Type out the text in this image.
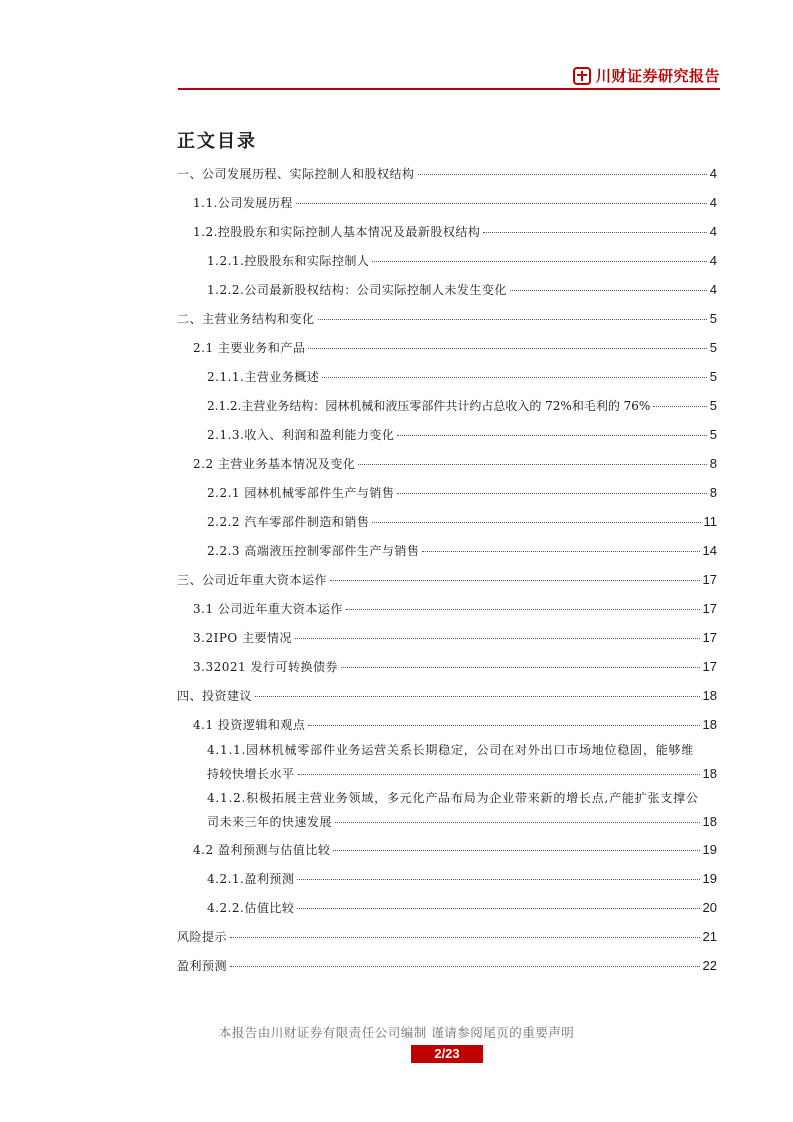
川财证券研究报告
正文目录
一、公司发展历程、实际控制人和股权结构	4
1.1.公司发展历程	4
1.2.控股股东和实际控制人基本情况及最新股权结构	4
1.2.1.控股股东和实际控制人	4
1.2.2.公司最新股权结构：公司实际控制人未发生变化	4
二、主营业务结构和变化	5
2.1 主要业务和产品	5
2.1.1.主营业务概述	5
2.1.2.主营业务结构：园林机械和液压零部件共计约占总收入的 72%和毛利的 76%	5
2.1.3.收入、利润和盈利能力变化	5
2.2 主营业务基本情况及变化	8
2.2.1 园林机械零部件生产与销售	8
2.2.2 汽车零部件制造和销售	11
2.2.3 高端液压控制零部件生产与销售	14
三、公司近年重大资本运作	17
3.1 公司近年重大资本运作	17
3.2IPO 主要情况	17
3.32021 发行可转换债券	17
四、投资建议	18
4.1 投资逻辑和观点	18
4.1.1.园林机械零部件业务运营关系长期稳定，公司在对外出口市场地位稳固，能够维
持较快增长水平	18
4.1.2.积极拓展主营业务领域，多元化产品布局为企业带来新的增长点,产能扩张支撑公
司未来三年的快速发展	18
4.2 盈利预测与估值比较	19
4.2.1.盈利预测	19
4.2.2.估值比较	20
风险提示	21
盈利预测	22
本报告由川财证券有限责任公司编制 谨请参阅尾页的重要声明
2/23
